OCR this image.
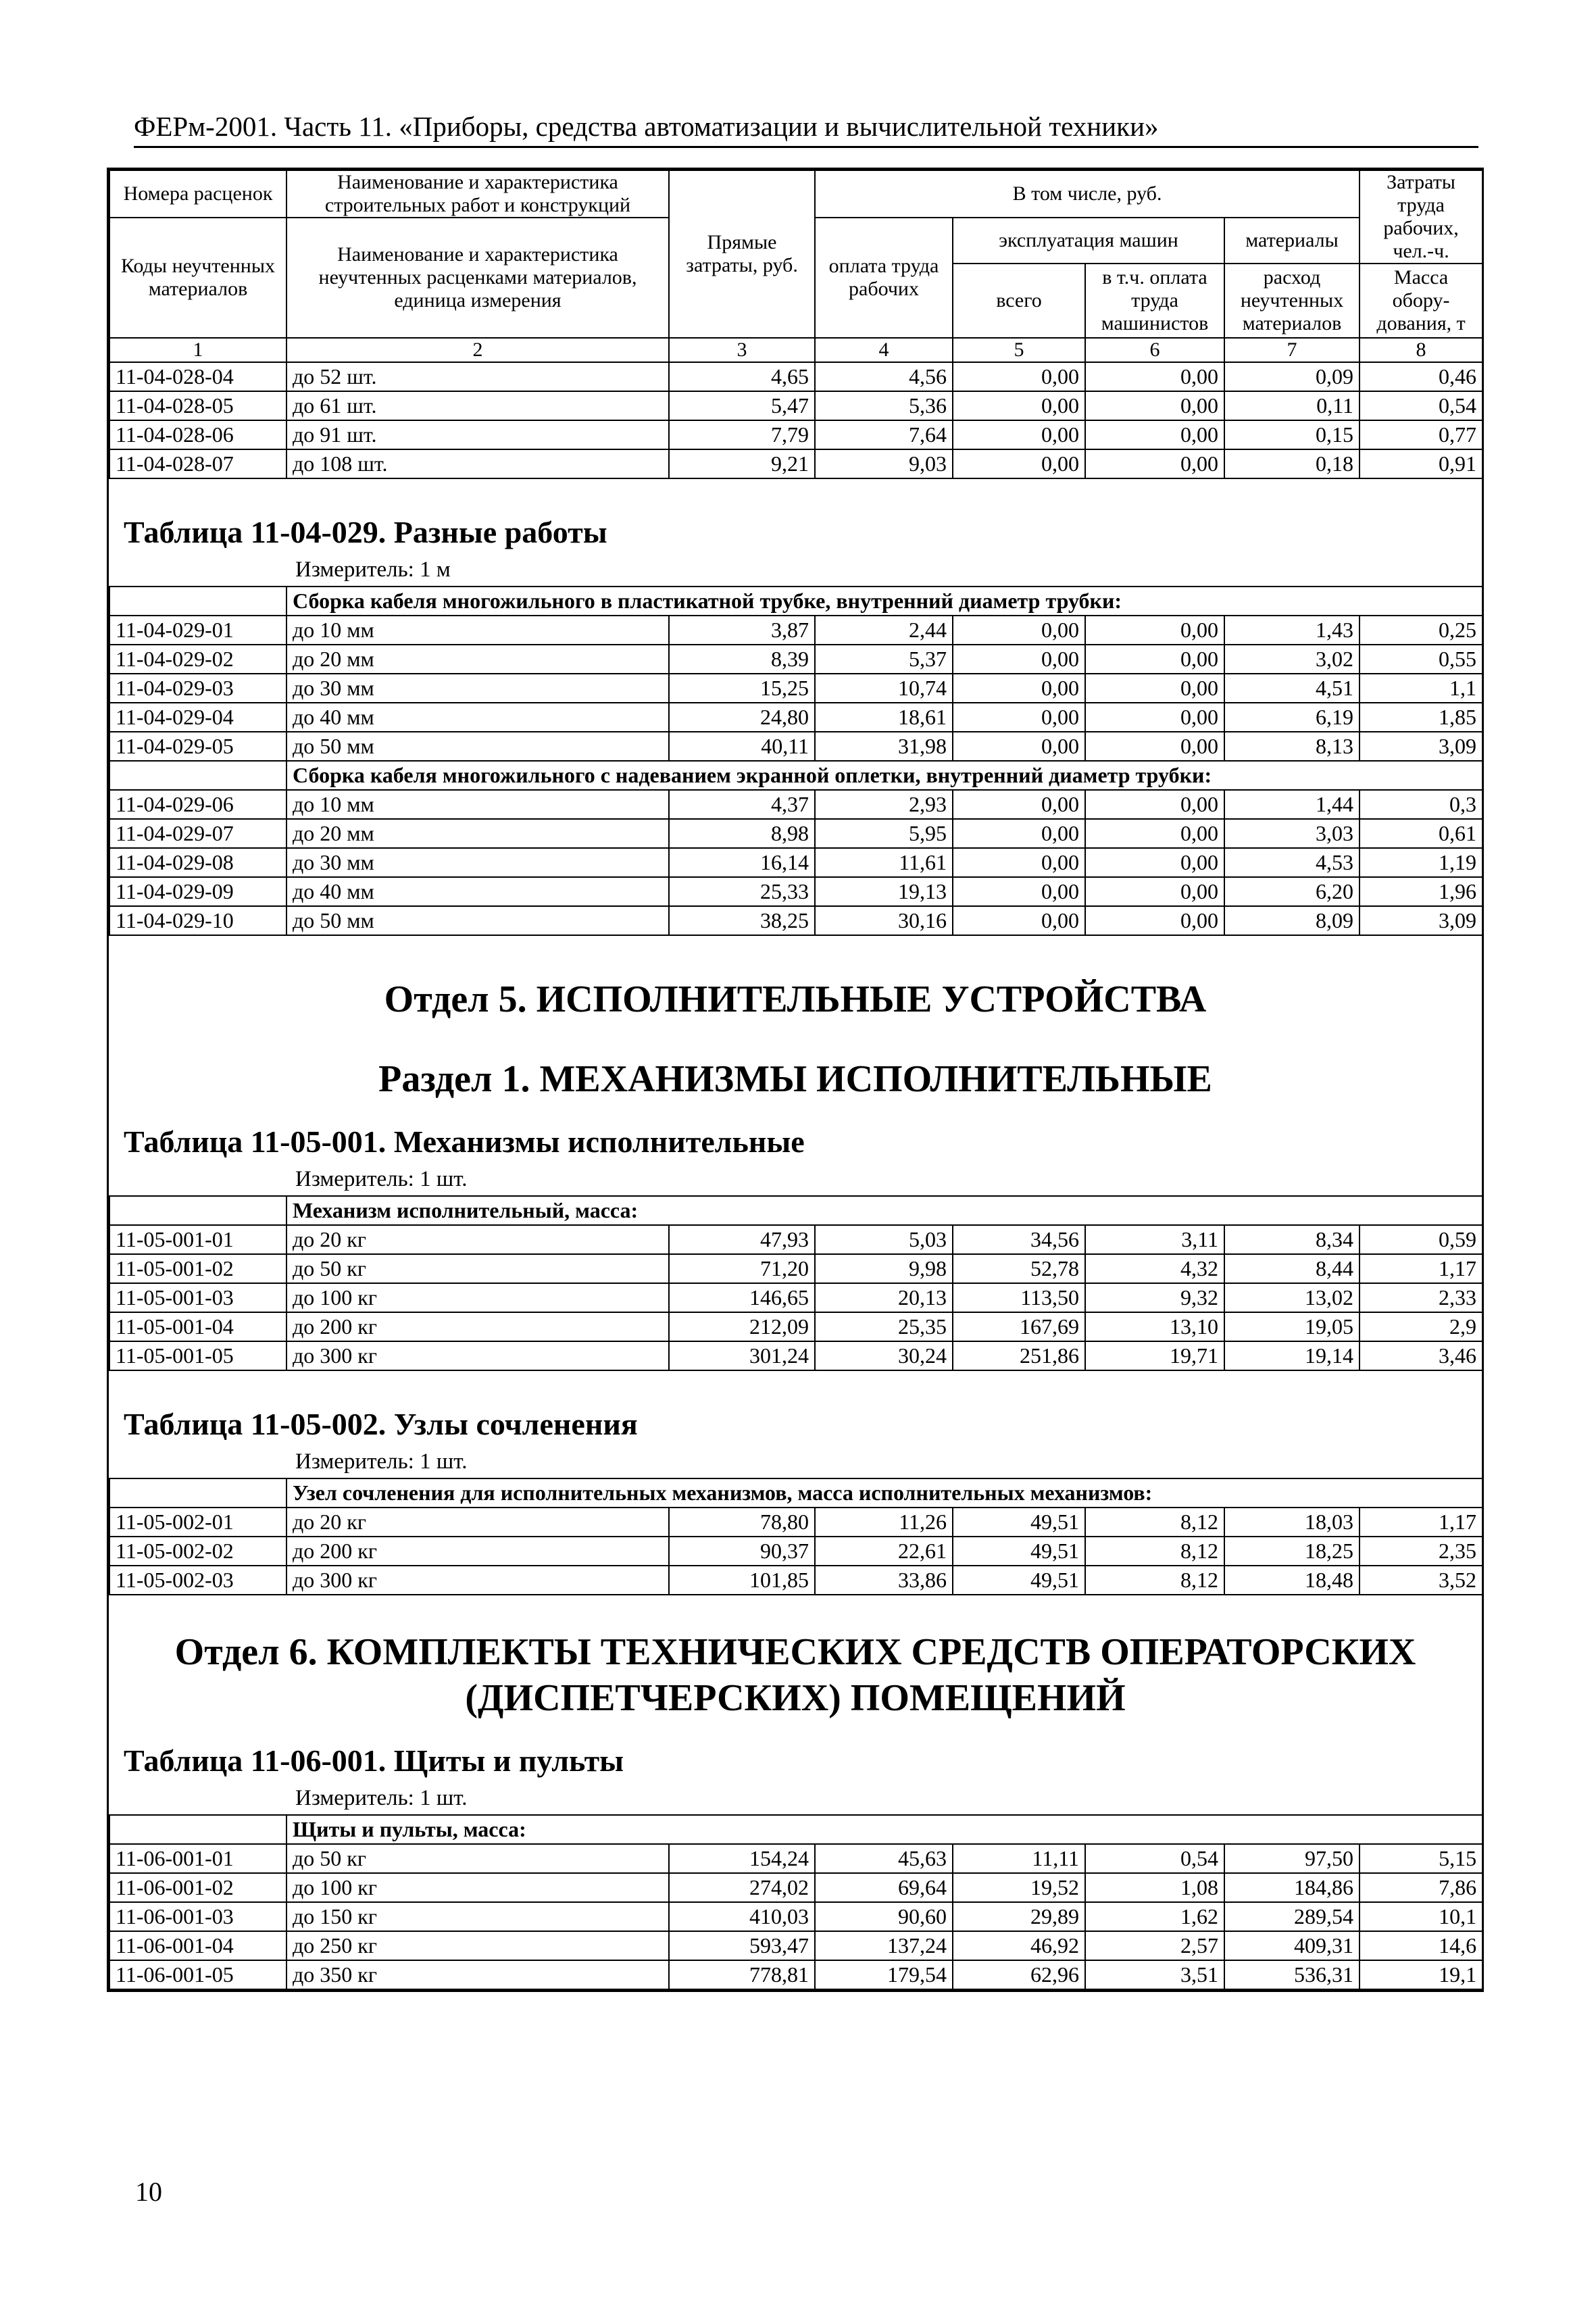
ФЕРм-2001. Часть 11. «Приборы, средства автоматизации и вычислительной техники»
Номера расценок	Наименование и характеристика строительных работ и конструкций	Прямые затраты, руб.	В том числе, руб.				Затраты труда рабочих, чел.-ч.
Коды неучтенных материалов	Наименование и характеристика неучтенных расценками материалов, единица измерения		оплата труда рабочих	эксплуатация машин		материалы	
				всего	в т.ч. оплата труда машинистов	расход неучтенных материалов	Масса обору-дования, т
1	2	3	4	5	6	7	8
11-04-028-04	до 52 шт.	4,65	4,56	0,00	0,00	0,09	0,46
11-04-028-05	до 61 шт.	5,47	5,36	0,00	0,00	0,11	0,54
11-04-028-06	до 91 шт.	7,79	7,64	0,00	0,00	0,15	0,77
11-04-028-07	до 108 шт.	9,21	9,03	0,00	0,00	0,18	0,91
Таблица 11-04-029. Разные работы
Измеритель: 1 м
	Сборка кабеля многожильного в пластикатной трубке, внутренний диаметр трубки:						
11-04-029-01	до 10 мм	3,87	2,44	0,00	0,00	1,43	0,25
11-04-029-02	до 20 мм	8,39	5,37	0,00	0,00	3,02	0,55
11-04-029-03	до 30 мм	15,25	10,74	0,00	0,00	4,51	1,1
11-04-029-04	до 40 мм	24,80	18,61	0,00	0,00	6,19	1,85
11-04-029-05	до 50 мм	40,11	31,98	0,00	0,00	8,13	3,09
	Сборка кабеля многожильного с надеванием экранной оплетки, внутренний диаметр трубки:						
11-04-029-06	до 10 мм	4,37	2,93	0,00	0,00	1,44	0,3
11-04-029-07	до 20 мм	8,98	5,95	0,00	0,00	3,03	0,61
11-04-029-08	до 30 мм	16,14	11,61	0,00	0,00	4,53	1,19
11-04-029-09	до 40 мм	25,33	19,13	0,00	0,00	6,20	1,96
11-04-029-10	до 50 мм	38,25	30,16	0,00	0,00	8,09	3,09
Отдел 5. ИСПОЛНИТЕЛЬНЫЕ УСТРОЙСТВА
Раздел 1. МЕХАНИЗМЫ ИСПОЛНИТЕЛЬНЫЕ
Таблица 11-05-001. Механизмы исполнительные
Измеритель: 1 шт.
	Механизм исполнительный, масса:						
11-05-001-01	до 20 кг	47,93	5,03	34,56	3,11	8,34	0,59
11-05-001-02	до 50 кг	71,20	9,98	52,78	4,32	8,44	1,17
11-05-001-03	до 100 кг	146,65	20,13	113,50	9,32	13,02	2,33
11-05-001-04	до 200 кг	212,09	25,35	167,69	13,10	19,05	2,9
11-05-001-05	до 300 кг	301,24	30,24	251,86	19,71	19,14	3,46
Таблица 11-05-002. Узлы сочленения
Измеритель: 1 шт.
	Узел сочленения для исполнительных механизмов, масса исполнительных механизмов:						
11-05-002-01	до 20 кг	78,80	11,26	49,51	8,12	18,03	1,17
11-05-002-02	до 200 кг	90,37	22,61	49,51	8,12	18,25	2,35
11-05-002-03	до 300 кг	101,85	33,86	49,51	8,12	18,48	3,52
Отдел 6. КОМПЛЕКТЫ ТЕХНИЧЕСКИХ СРЕДСТВ ОПЕРАТОРСКИХ
(ДИСПЕТЧЕРСКИХ) ПОМЕЩЕНИЙ
Таблица 11-06-001. Щиты и пульты
Измеритель: 1 шт.
	Щиты и пульты, масса:						
11-06-001-01	до 50 кг	154,24	45,63	11,11	0,54	97,50	5,15
11-06-001-02	до 100 кг	274,02	69,64	19,52	1,08	184,86	7,86
11-06-001-03	до 150 кг	410,03	90,60	29,89	1,62	289,54	10,1
11-06-001-04	до 250 кг	593,47	137,24	46,92	2,57	409,31	14,6
11-06-001-05	до 350 кг	778,81	179,54	62,96	3,51	536,31	19,1
10
